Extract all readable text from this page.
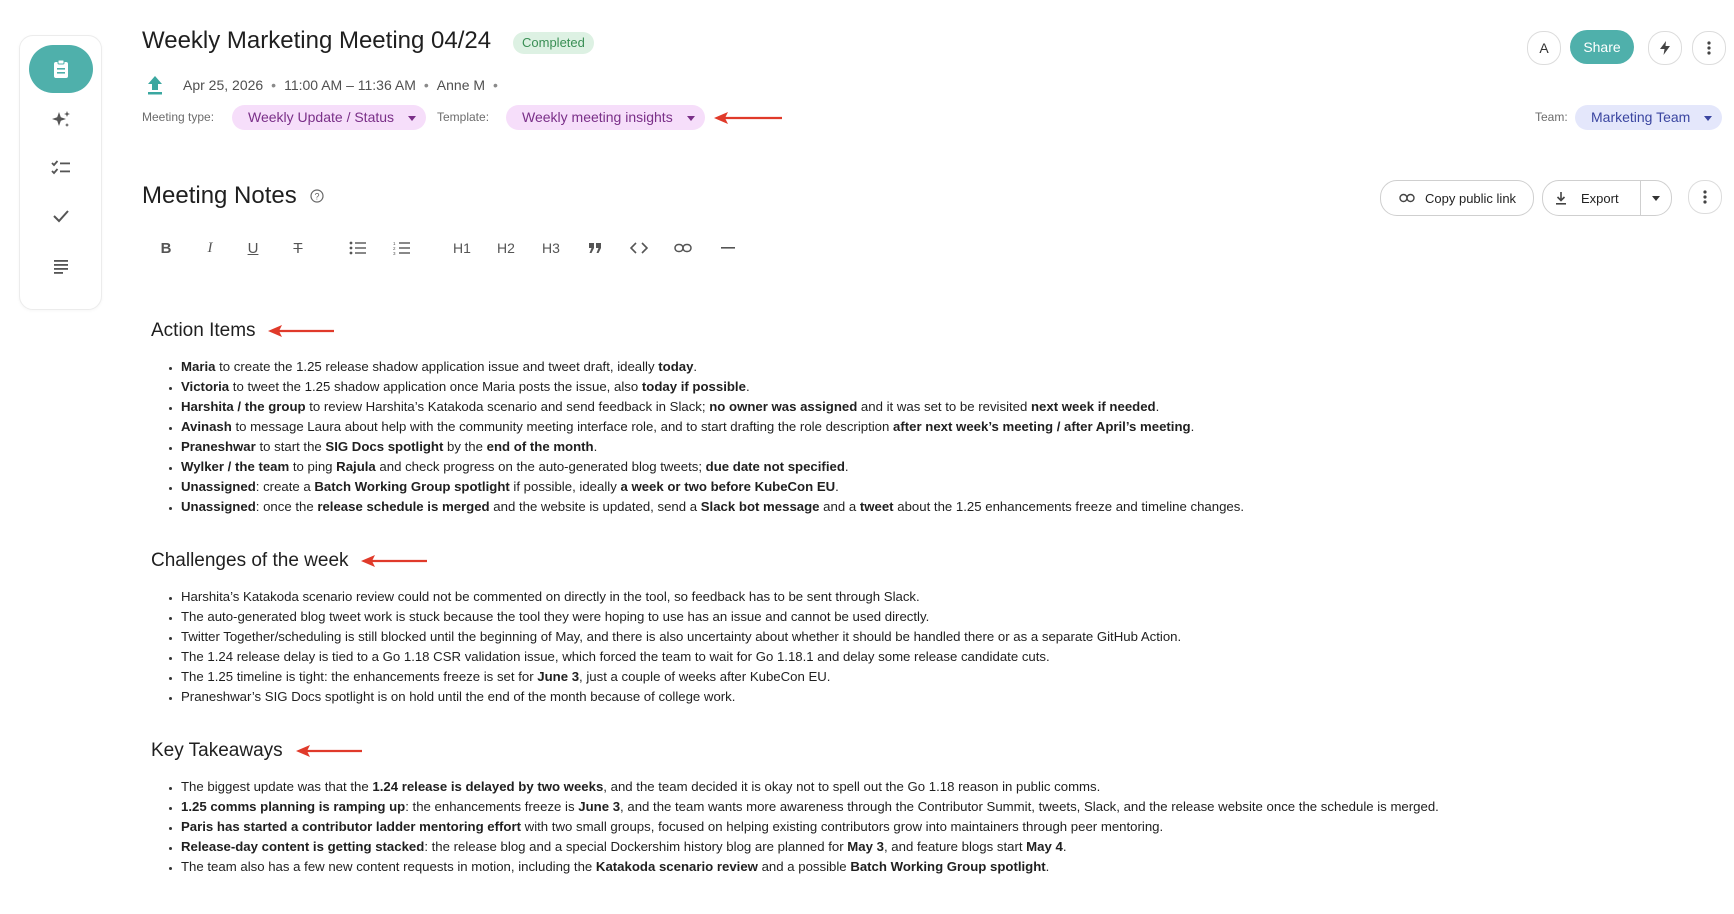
Weekly Marketing Meeting 04/24	Completed
Apr 25, 2026 • 11:00 AM – 11:36 AM • Anne M •
Meeting type:	Weekly Update / Status	Template:	Weekly meeting insights	Team:	Marketing Team
A	Share
Meeting Notes ?	Copy public link	Export
B I U T	1
2
3	H1 H2 H3
Action Items
• Maria to create the 1.25 release shadow application issue and tweet draft, ideally today.
• Victoria to tweet the 1.25 shadow application once Maria posts the issue, also today if possible.
• Harshita / the group to review Harshita’s Katakoda scenario and send feedback in Slack; no owner was assigned and it was set to be revisited next week if needed.
• Avinash to message Laura about help with the community meeting interface role, and to start drafting the role description after next week’s meeting / after April’s meeting.
• Praneshwar to start the SIG Docs spotlight by the end of the month.
• Wylker / the team to ping Rajula and check progress on the auto-generated blog tweets; due date not specified.
• Unassigned: create a Batch Working Group spotlight if possible, ideally a week or two before KubeCon EU.
• Unassigned: once the release schedule is merged and the website is updated, send a Slack bot message and a tweet about the 1.25 enhancements freeze and timeline changes.
Challenges of the week
• Harshita’s Katakoda scenario review could not be commented on directly in the tool, so feedback has to be sent through Slack.
• The auto-generated blog tweet work is stuck because the tool they were hoping to use has an issue and cannot be used directly.
• Twitter Together/scheduling is still blocked until the beginning of May, and there is also uncertainty about whether it should be handled there or as a separate GitHub Action.
• The 1.24 release delay is tied to a Go 1.18 CSR validation issue, which forced the team to wait for Go 1.18.1 and delay some release candidate cuts.
• The 1.25 timeline is tight: the enhancements freeze is set for June 3, just a couple of weeks after KubeCon EU.
• Praneshwar’s SIG Docs spotlight is on hold until the end of the month because of college work.
Key Takeaways
• The biggest update was that the 1.24 release is delayed by two weeks, and the team decided it is okay not to spell out the Go 1.18 reason in public comms.
• 1.25 comms planning is ramping up: the enhancements freeze is June 3, and the team wants more awareness through the Contributor Summit, tweets, Slack, and the release website once the schedule is merged.
• Paris has started a contributor ladder mentoring effort with two small groups, focused on helping existing contributors grow into maintainers through peer mentoring.
• Release-day content is getting stacked: the release blog and a special Dockershim history blog are planned for May 3, and feature blogs start May 4.
• The team also has a few new content requests in motion, including the Katakoda scenario review and a possible Batch Working Group spotlight.
